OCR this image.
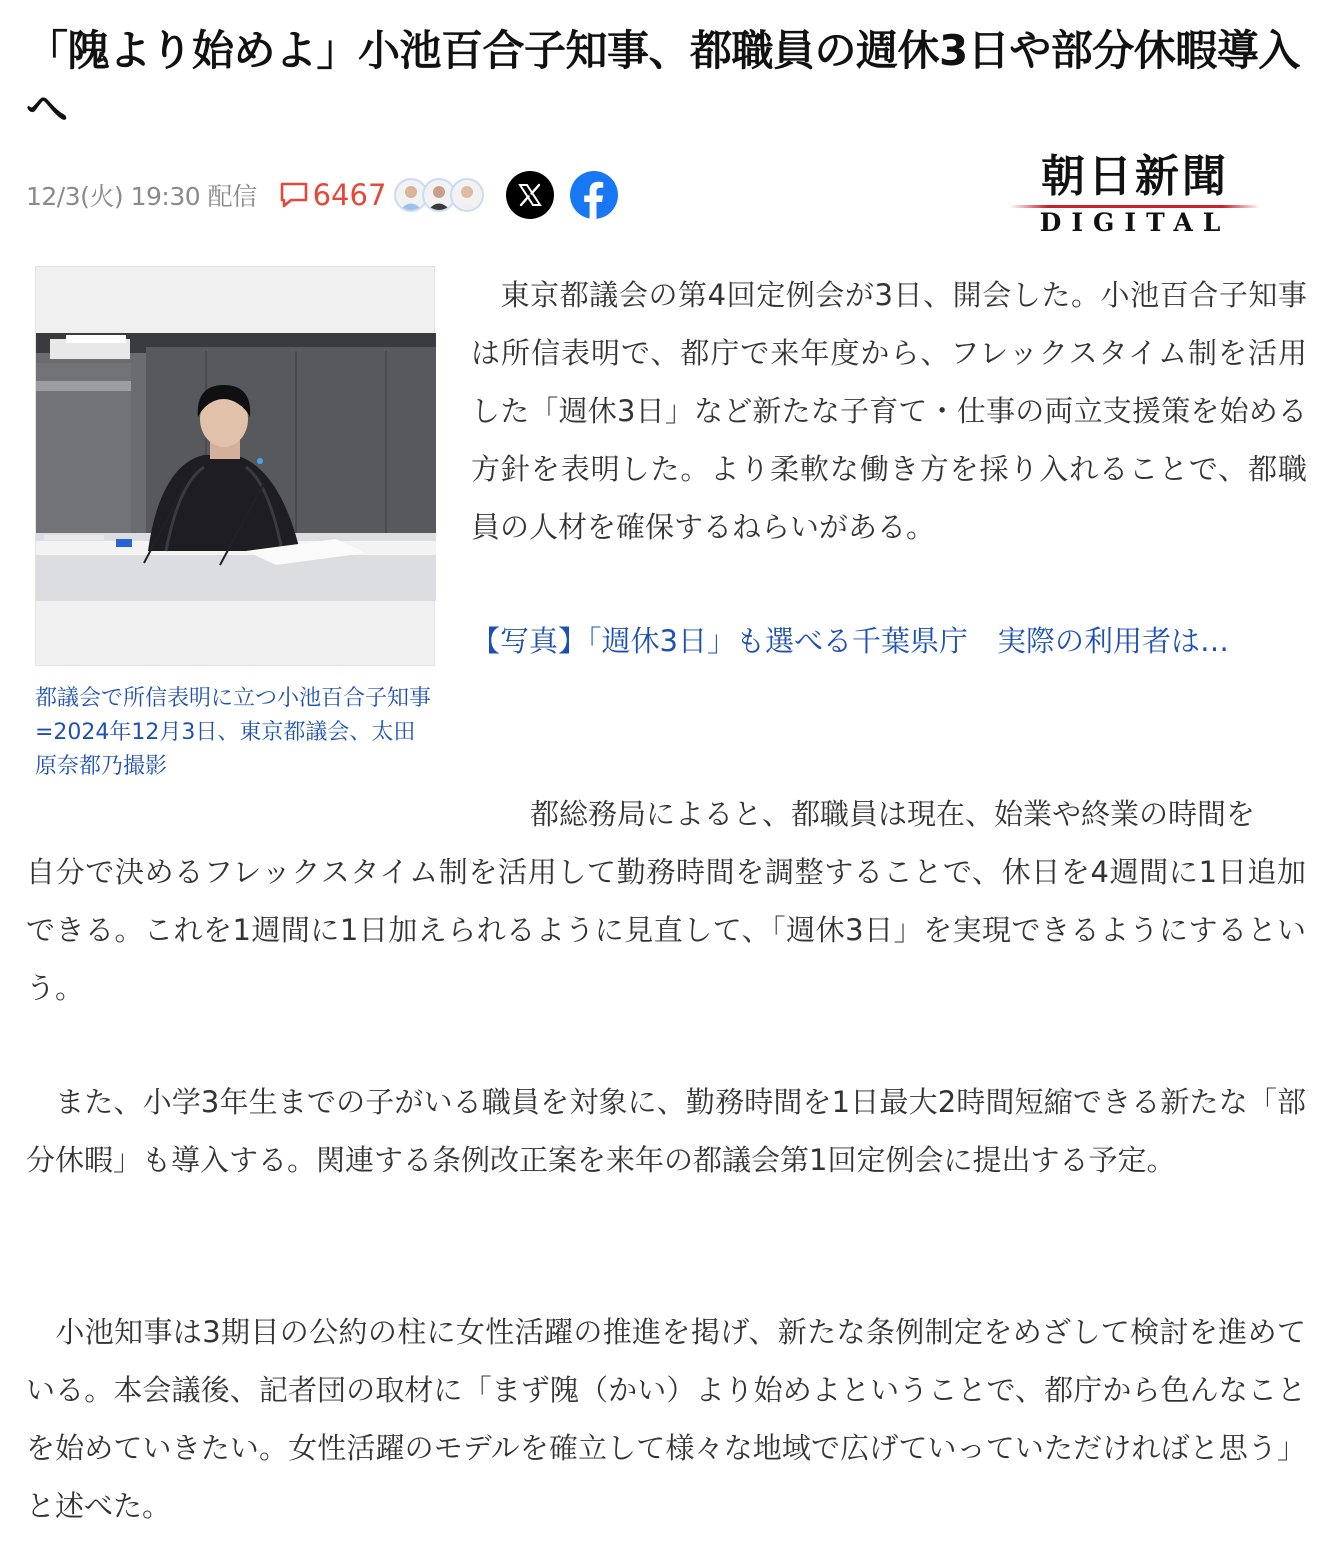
「隗より始めよ」小池百合子知事、都職員の週休3日や部分休暇導入へ
12/3(火) 19:30 配信 6467	朝日新聞
DIGITAL
都議会で所信表明に立つ小池百合子知事=2024年12月3日、東京都議会、太田原奈都乃撮影

　東京都議会の第4回定例会が3日、開会した。小池百合子知事は所信表明で、都庁で来年度から、フレックスタイム制を活用した「週休3日」など新たな子育て・仕事の両立支援策を始める方針を表明した。より柔軟な働き方を採り入れることで、都職員の人材を確保するねらいがある。

【写真】「週休3日」も選べる千葉県庁　実際の利用者は…
　都総務局によると、都職員は現在、始業や終業の時間を
自分で決めるフレックスタイム制を活用して勤務時間を調整することで、休日を4週間に1日追加できる。これを1週間に1日加えられるように見直して、「週休3日」を実現できるようにするという。

　また、小学3年生までの子がいる職員を対象に、勤務時間を1日最大2時間短縮できる新たな「部分休暇」も導入する。関連する条例改正案を来年の都議会第1回定例会に提出する予定。

　小池知事は3期目の公約の柱に女性活躍の推進を掲げ、新たな条例制定をめざして検討を進めている。本会議後、記者団の取材に「まず隗（かい）より始めよということで、都庁から色んなことを始めていきたい。女性活躍のモデルを確立して様々な地域で広げていっていただければと思う」と述べた。
